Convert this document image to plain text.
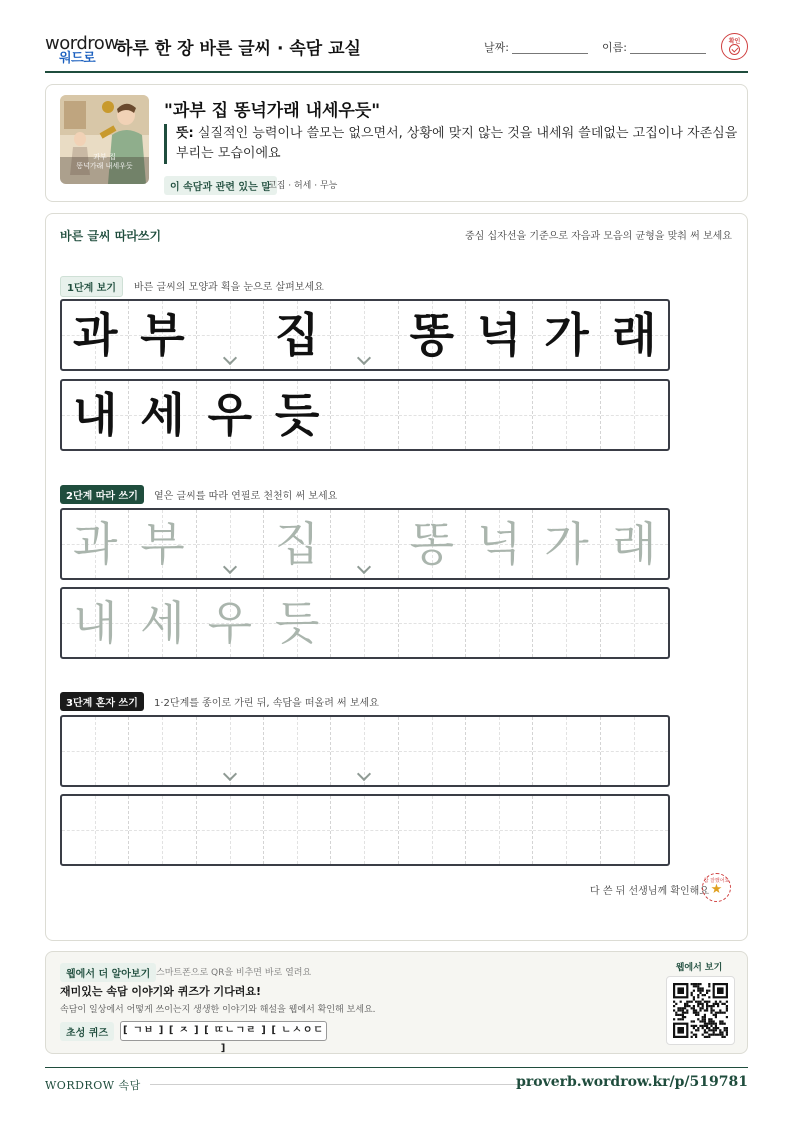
wordrow
워드로 하루 한 장 바른 글씨 · 속담 교실	날짜:	이름:	확인
과부 집
똥넉가래 내세우듯
"과부 집 똥넉가래 내세우듯"
뜻: 실질적인 능력이나 쓸모는 없으면서, 상황에 맞지 않는 것을 내세워 쓸데없는 고집이나 자존심을 부리는 모습이에요
이 속담과 관련 있는 말
고집 · 허세 · 무능
바른 글씨 따라쓰기	중심 십자선을 기준으로 자음과 모음의 균형을 맞춰 써 보세요
1단계 보기	바른 글씨의 모양과 획을 눈으로 살펴보세요
과 부 집 똥 넉 가 래
내 세 우 듯
2단계 따라 쓰기	옅은 글씨를 따라 연필로 천천히 써 보세요
과 부 집 똥 넉 가 래
내 세 우 듯
3단계 혼자 쓰기	1·2단계를 종이로 가린 뒤, 속담을 떠올려 써 보세요
다 쓴 뒤 선생님께 확인해요
참 잘했어요
★
웹에서 더 알아보기 스마트폰으로 QR을 비추면 바로 열려요
재미있는 속담 이야기와 퀴즈가 기다려요!
속담이 일상에서 어떻게 쓰이는지 생생한 이야기와 해설을 웹에서 확인해 보세요.
초성 퀴즈	[ ㄱㅂ ] [ ㅈ ] [ ㄸㄴㄱㄹ ] [ ㄴㅅㅇㄷ ]
웹에서 보기
WORDROW 속담	proverb.wordrow.kr/p/519781
